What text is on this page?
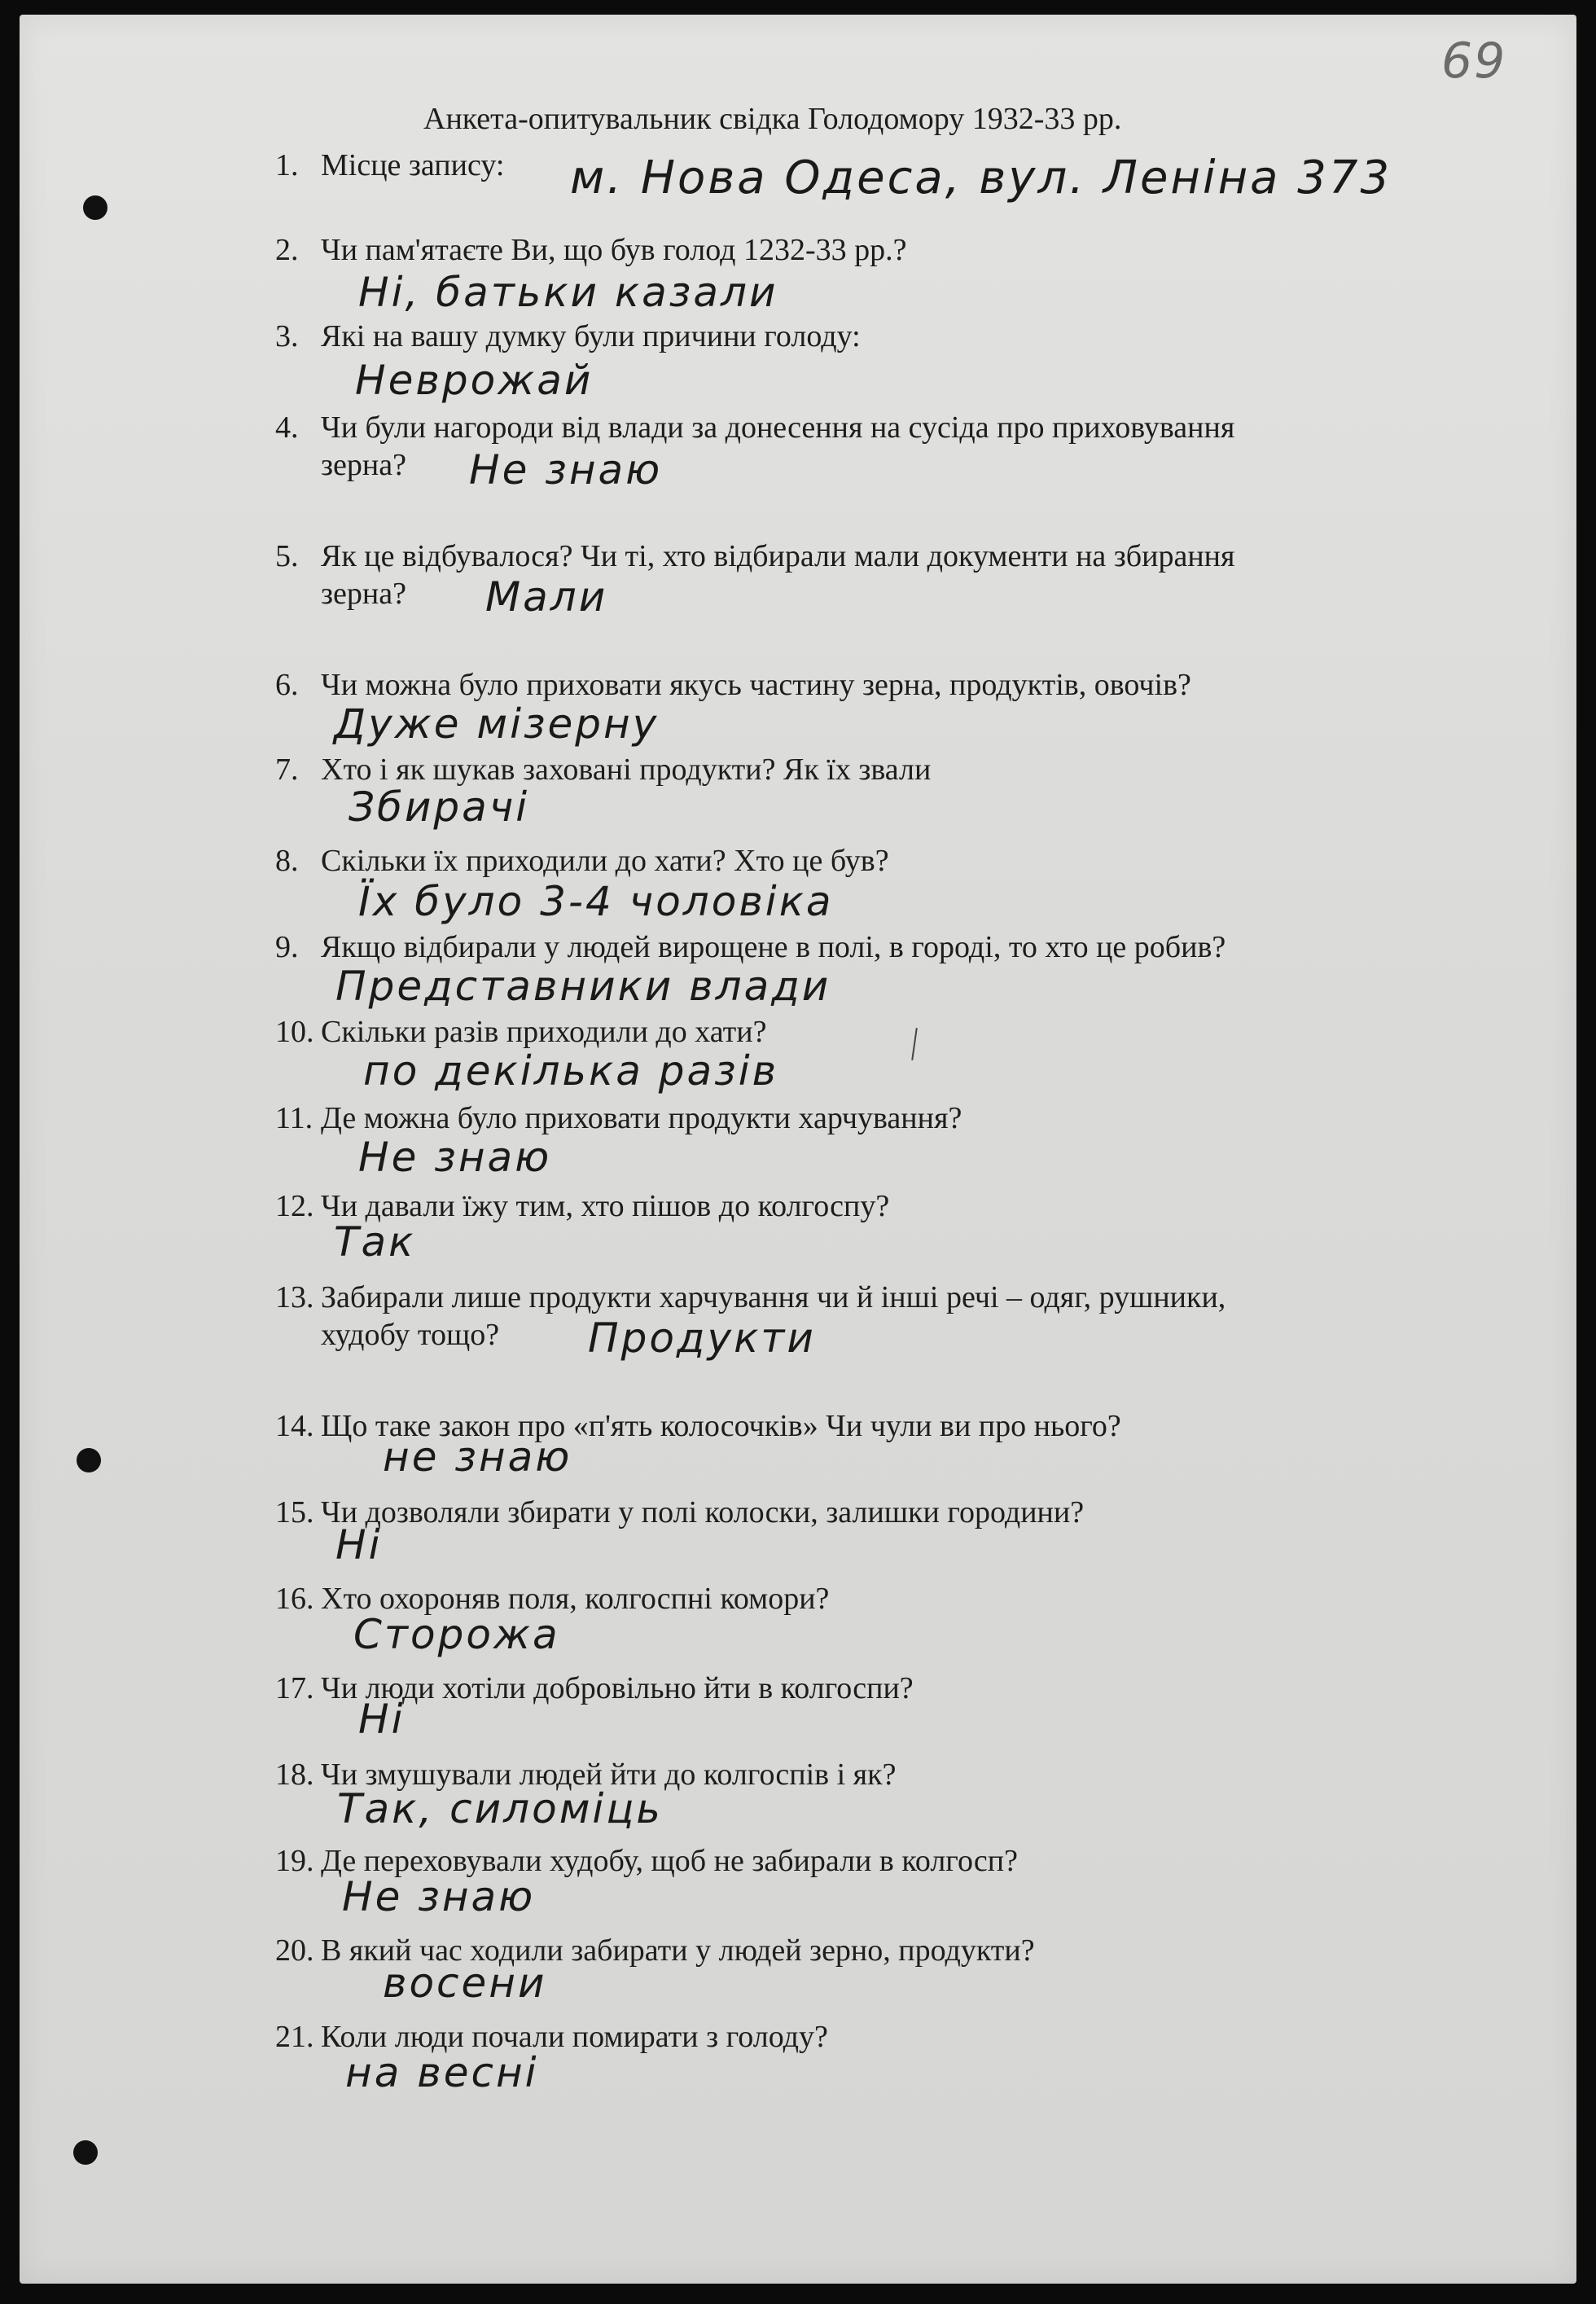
69
Анкета-опитувальник свідка Голодомору 1932-33 рр.
1. Місце запису: м. Нова Одеса, вул. Леніна 373
2. Чи пам'ятаєте Ви, що був голод 1232-33 рр.?
Ні, батьки казали
3. Які на вашу думку були причини голоду:
Неврожай
4. Чи були нагороди від влади за донесення на сусіда про приховування
зерна?	Не знаю
5. Як це відбувалося? Чи ті, хто відбирали мали документи на збирання
зерна?	Мали
6. Чи можна було приховати якусь частину зерна, продуктів, овочів?
Дуже мізерну
7. Хто і як шукав заховані продукти? Як їх звали
Збирачі
8. Скільки їх приходили до хати? Хто це був?
Їх було 3-4 чоловіка
9. Якщо відбирали у людей вирощене в полі, в городі, то хто це робив?
Представники влади
10. Скільки разів приходили до хати?
по декілька разів
11. Де можна було приховати продукти харчування?
Не знаю
12. Чи давали їжу тим, хто пішов до колгоспу?
Так
13. Забирали лише продукти харчування чи й інші речі – одяг, рушники,
худобу тощо?	Продукти
14. Що таке закон про «п'ять колосочків» Чи чули ви про нього?
не знаю
15. Чи дозволяли збирати у полі колоски, залишки городини?
Ні
16. Хто охороняв поля, колгоспні комори?
Сторожа
17. Чи люди хотіли добровільно йти в колгоспи?
Ні
18. Чи змушували людей йти до колгоспів і як?
Так, силоміць
19. Де переховували худобу, щоб не забирали в колгосп?
Не знаю
20. В який час ходили забирати у людей зерно, продукти?
восени
21. Коли люди почали помирати з голоду?
на весні
